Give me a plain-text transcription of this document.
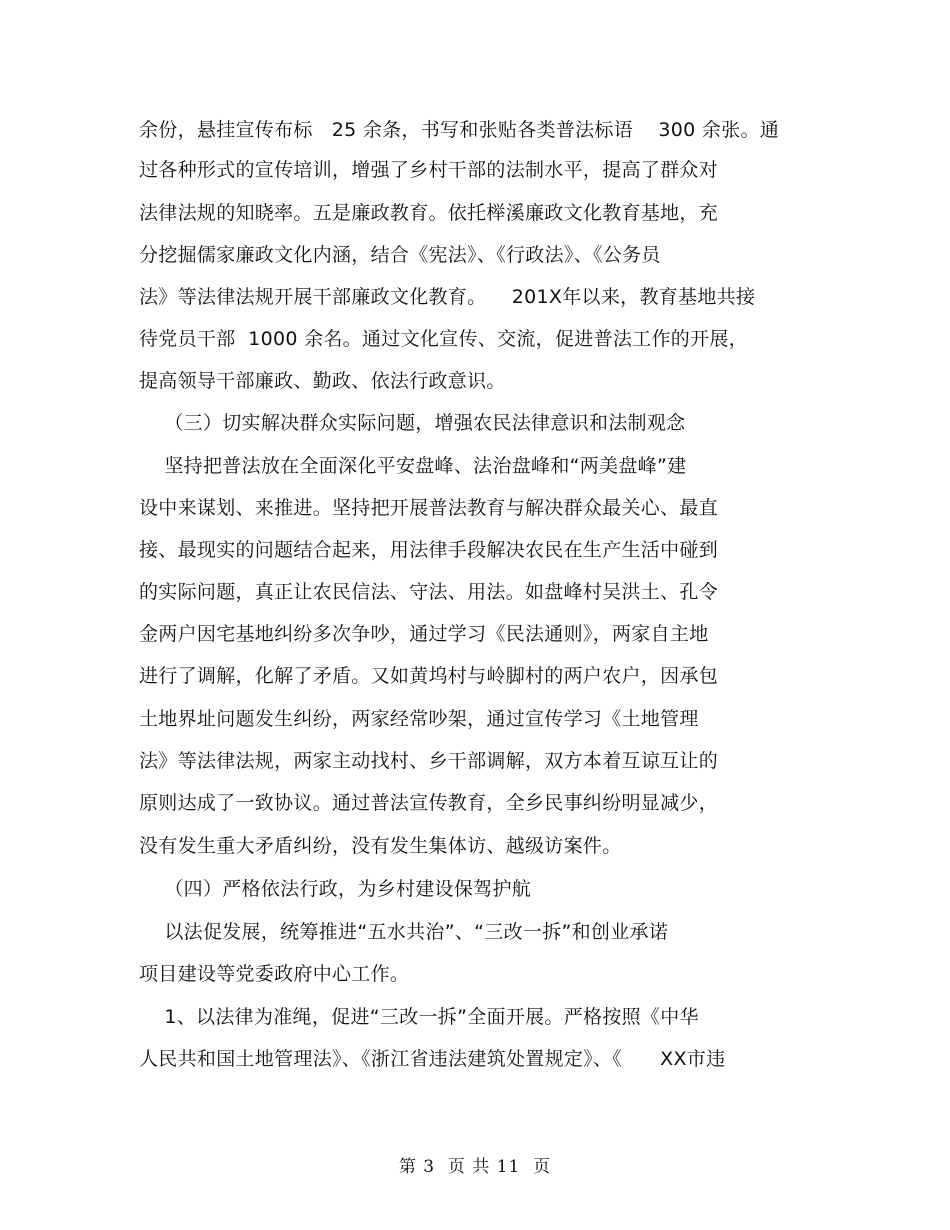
余份，悬挂宣传布标   25 余条，书写和张贴各类普法标语    300 余张。通
过各种形式的宣传培训，增强了乡村干部的法制水平，提高了群众对
法律法规的知晓率。五是廉政教育。依托榉溪廉政文化教育基地，充
分挖掘儒家廉政文化内涵，结合《宪法》、《行政法》、《公务员
法》等法律法规开展干部廉政文化教育。    201X年以来，教育基地共接
待党员干部  1000 余名。通过文化宣传、交流，促进普法工作的开展，
提高领导干部廉政、勤政、依法行政意识。
（三）切实解决群众实际问题，增强农民法律意识和法制观念
坚持把普法放在全面深化平安盘峰、法治盘峰和“两美盘峰”建
设中来谋划、来推进。坚持把开展普法教育与解决群众最关心、最直
接、最现实的问题结合起来，用法律手段解决农民在生产生活中碰到
的实际问题，真正让农民信法、守法、用法。如盘峰村吴洪土、孔令
金两户因宅基地纠纷多次争吵，通过学习《民法通则》，两家自主地
进行了调解，化解了矛盾。又如黄坞村与岭脚村的两户农户，因承包
土地界址问题发生纠纷，两家经常吵架，通过宣传学习《土地管理
法》等法律法规，两家主动找村、乡干部调解，双方本着互谅互让的
原则达成了一致协议。通过普法宣传教育，全乡民事纠纷明显减少，
没有发生重大矛盾纠纷，没有发生集体访、越级访案件。
（四）严格依法行政，为乡村建设保驾护航
以法促发展，统筹推进“五水共治”、“三改一拆”和创业承诺
项目建设等党委政府中心工作。
1、以法律为准绳，促进“三改一拆”全面开展。严格按照《中华
人民共和国土地管理法》、《浙江省违法建筑处置规定》、《      XX市违
第 3  页 共 11  页
